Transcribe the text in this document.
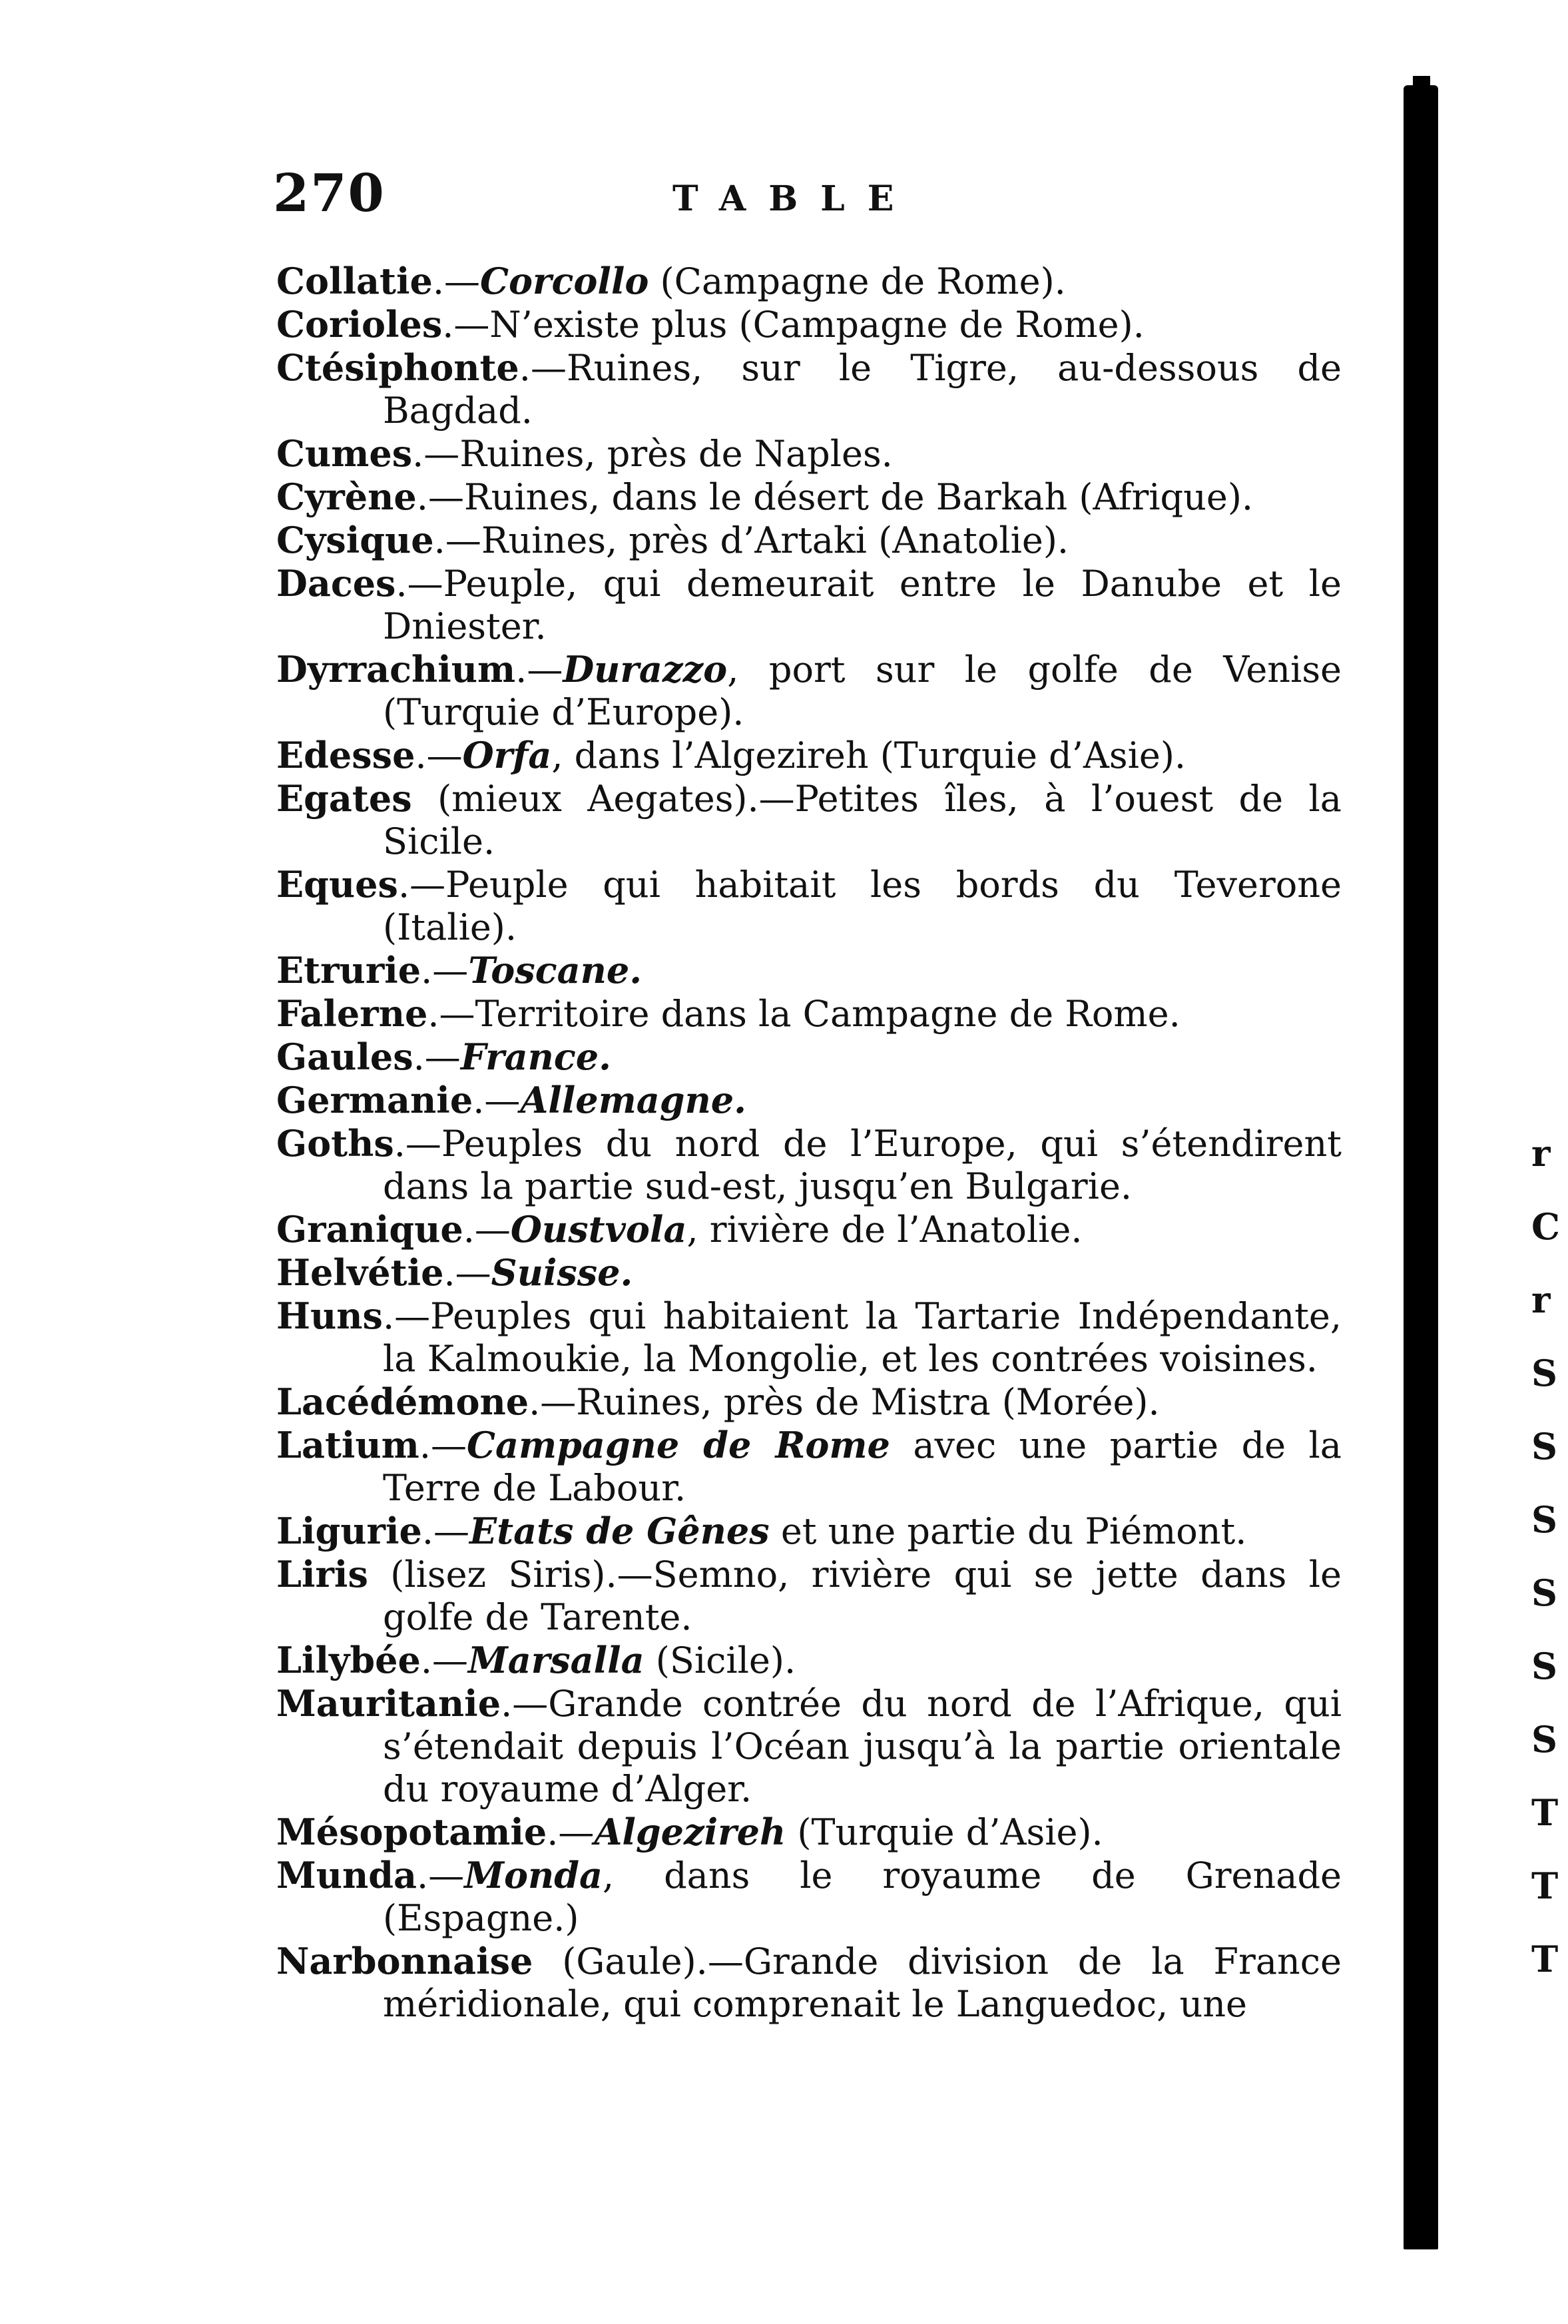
270	TABLE

Collatie.—Corcollo (Campagne de Rome).

Corioles.—N’existe plus (Campagne de Rome).

Ctésiphonte.—Ruines, sur le Tigre, au-dessous de Bagdad.

Cumes.—Ruines, près de Naples.

Cyrène.—Ruines, dans le désert de Barkah (Afrique).

Cysique.—Ruines, près d’Artaki (Anatolie).

Daces.—Peuple, qui demeurait entre le Danube et le Dniester.

Dyrrachium.—Durazzo, port sur le golfe de Venise (Turquie d’Europe).

Edesse.—Orfa, dans l’Algezireh (Turquie d’Asie).

Egates (mieux Aegates).—Petites îles, à l’ouest de la Sicile.

Eques.—Peuple qui habitait les bords du Teverone (Italie).

Etrurie.—Toscane.

Falerne.—Territoire dans la Campagne de Rome.

Gaules.—France.

Germanie.—Allemagne.

Goths.—Peuples du nord de l’Europe, qui s’étendirent dans la partie sud-est, jusqu’en Bulgarie.

Granique.—Oustvola, rivière de l’Anatolie.

Helvétie.—Suisse.

Huns.—Peuples qui habitaient la Tartarie Indépendante, la Kalmoukie, la Mongolie, et les contrées voisines.

Lacédémone.—Ruines, près de Mistra (Morée).

Latium.—Campagne de Rome avec une partie de la Terre de Labour.

Ligurie.—Etats de Gênes et une partie du Piémont.

Liris (lisez Siris).—Semno, rivière qui se jette dans le golfe de Tarente.

Lilybée.—Marsalla (Sicile).

Mauritanie.—Grande contrée du nord de l’Afrique, qui s’étendait depuis l’Océan jusqu’à la partie orientale du royaume d’Alger.

Mésopotamie.—Algezireh (Turquie d’Asie).

Munda.—Monda, dans le royaume de Grenade (Espagne.)

Narbonnaise (Gaule).—Grande division de la France méridionale, qui comprenait le Languedoc, une

r
C
r
S
S
S
S
S
S
T
T
T
